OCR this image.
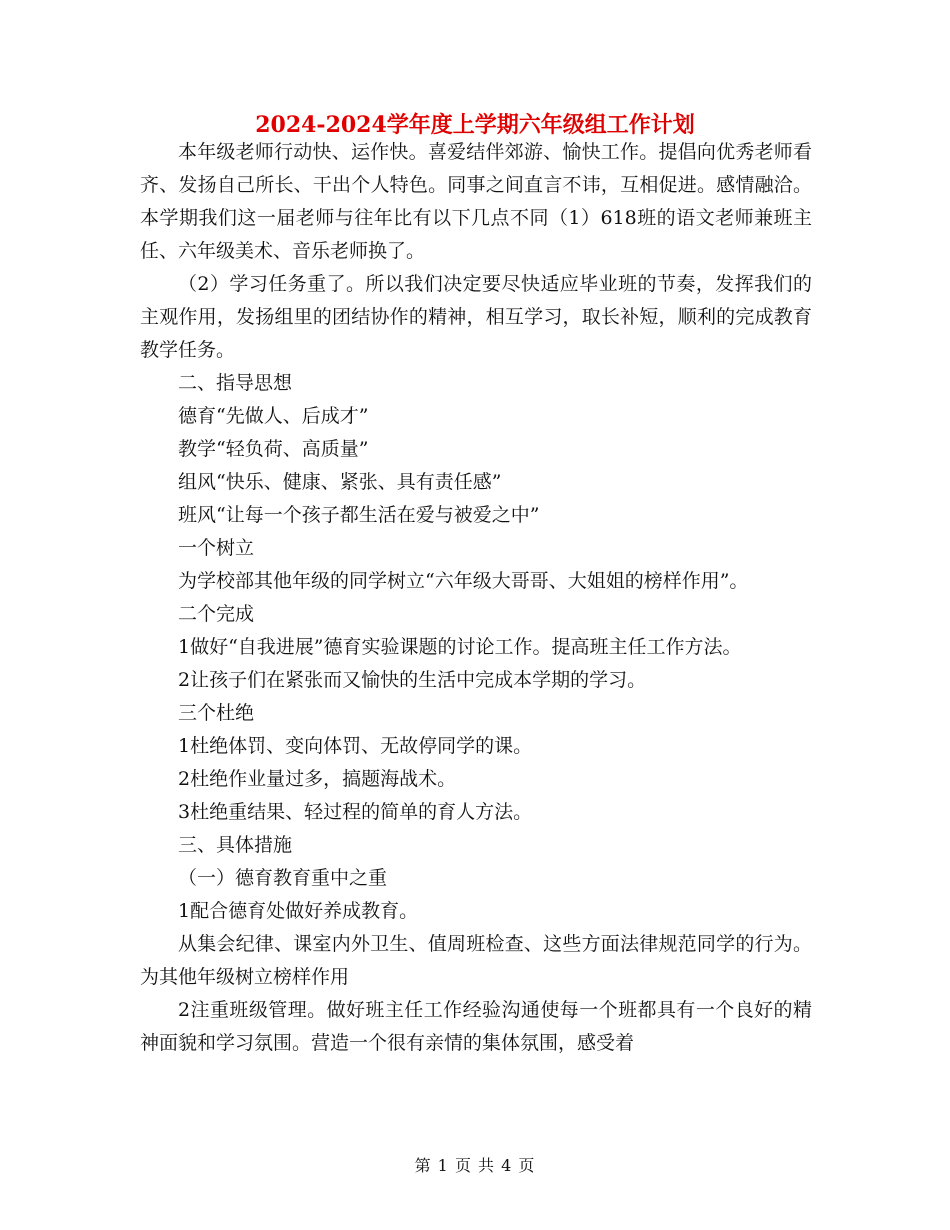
2024-2024学年度上学期六年级组工作计划

本年级老师行动快、运作快。喜爱结伴郊游、愉快工作。提倡向优秀老师看齐、发扬自己所长、干出个人特色。同事之间直言不讳，互相促进。感情融洽。本学期我们这一届老师与往年比有以下几点不同（1）618班的语文老师兼班主任、六年级美术、音乐老师换了。

（2）学习任务重了。所以我们决定要尽快适应毕业班的节奏，发挥我们的主观作用，发扬组里的团结协作的精神，相互学习，取长补短，顺利的完成教育教学任务。

二、指导思想

德育“先做人、后成才”

教学“轻负荷、高质量”

组风“快乐、健康、紧张、具有责任感”

班风“让每一个孩子都生活在爱与被爱之中”

一个树立

为学校部其他年级的同学树立“六年级大哥哥、大姐姐的榜样作用”。

二个完成

1做好“自我进展”德育实验课题的讨论工作。提高班主任工作方法。

2让孩子们在紧张而又愉快的生活中完成本学期的学习。

三个杜绝

1杜绝体罚、变向体罚、无故停同学的课。

2杜绝作业量过多，搞题海战术。

3杜绝重结果、轻过程的简单的育人方法。

三、具体措施

（一）德育教育重中之重

1配合德育处做好养成教育。

从集会纪律、课室内外卫生、值周班检查、这些方面法律规范同学的行为。为其他年级树立榜样作用

2注重班级管理。做好班主任工作经验沟通使每一个班都具有一个良好的精神面貌和学习氛围。营造一个很有亲情的集体氛围，感受着

第 1 页 共 4 页
